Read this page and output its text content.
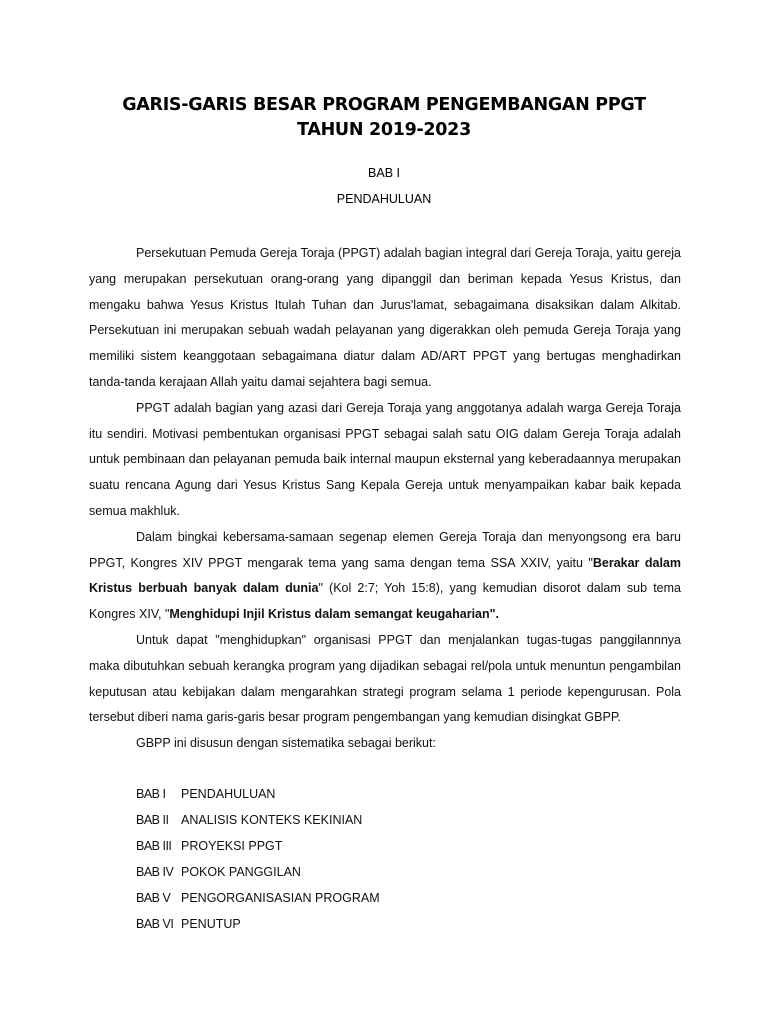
GARIS-GARIS BESAR PROGRAM PENGEMBANGAN PPGT
TAHUN 2019-2023
BAB I
PENDAHULUAN

Persekutuan Pemuda Gereja Toraja (PPGT) adalah bagian integral dari Gereja Toraja, yaitu gereja yang merupakan persekutuan orang-orang yang dipanggil dan beriman kepada Yesus Kristus, dan mengaku bahwa Yesus Kristus Itulah Tuhan dan Jurus'lamat, sebagaimana disaksikan dalam Alkitab. Persekutuan ini merupakan sebuah wadah pelayanan yang digerakkan oleh pemuda Gereja Toraja yang memiliki sistem keanggotaan sebagaimana diatur dalam AD/ART PPGT yang bertugas menghadirkan tanda-tanda kerajaan Allah yaitu damai sejahtera bagi semua.

PPGT adalah bagian yang azasi dari Gereja Toraja yang anggotanya adalah warga Gereja Toraja itu sendiri. Motivasi pembentukan organisasi PPGT sebagai salah satu OIG dalam Gereja Toraja adalah untuk pembinaan dan pelayanan pemuda baik internal maupun eksternal yang keberadaannya merupakan suatu rencana Agung dari Yesus Kristus Sang Kepala Gereja untuk menyampaikan kabar baik kepada semua makhluk.

Dalam bingkai kebersama-samaan segenap elemen Gereja Toraja dan menyongsong era baru PPGT, Kongres XIV PPGT mengarak tema yang sama dengan tema SSA XXIV, yaitu "Berakar dalam Kristus berbuah banyak dalam dunia" (Kol 2:7; Yoh 15:8), yang kemudian disorot dalam sub tema Kongres XIV, "Menghidupi Injil Kristus dalam semangat keugaharian".

Untuk dapat "menghidupkan" organisasi PPGT dan menjalankan tugas-tugas panggilannnya maka dibutuhkan sebuah kerangka program yang dijadikan sebagai rel/pola untuk menuntun pengambilan keputusan atau kebijakan dalam mengarahkan strategi program selama 1 periode kepengurusan. Pola tersebut diberi nama garis-garis besar program pengembangan yang kemudian disingkat GBPP.

GBPP ini disusun dengan sistematika sebagai berikut:

BAB I	PENDAHULUAN
BAB II	ANALISIS KONTEKS KEKINIAN
BAB III PROYEKSI PPGT
BAB IV POKOK PANGGILAN
BAB V PENGORGANISASIAN PROGRAM
BAB VI PENUTUP
